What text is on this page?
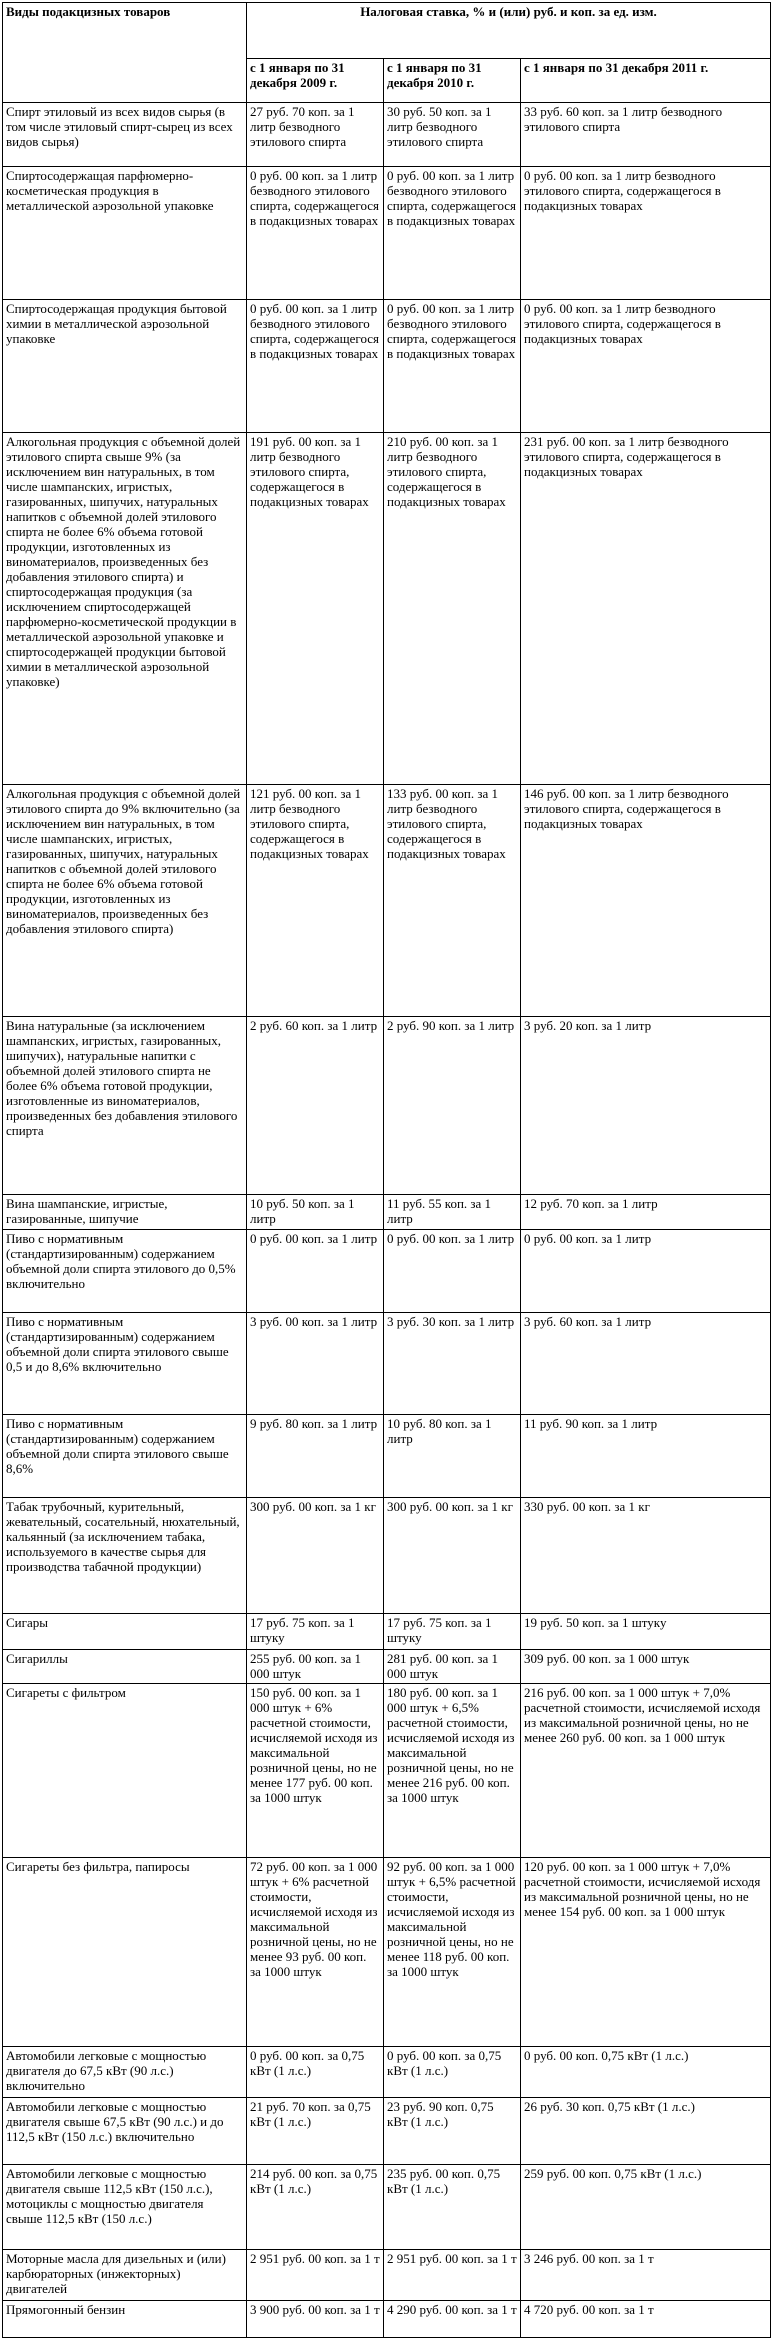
Виды подакцизных товаров	Налоговая ставка, % и (или) руб. и коп. за ед. изм.		
	с 1 января по 31 декабря 2009 г.	с 1 января по 31 декабря 2010 г.	с 1 января по 31 декабря 2011 г.
Спирт этиловый из всех видов сырья (в том числе этиловый спирт-сырец из всех видов сырья)	27 руб. 70 коп. за 1 литр безводного этилового спирта	30 руб. 50 коп. за 1 литр безводного этилового спирта	33 руб. 60 коп. за 1 литр безводного этилового спирта
Спиртосодержащая парфюмерно-косметическая продукция в металлической аэрозольной упаковке	0 руб. 00 коп. за 1 литр безводного этилового спирта, содержащегося в подакцизных товарах	0 руб. 00 коп. за 1 литр безводного этилового спирта, содержащегося в подакцизных товарах	0 руб. 00 коп. за 1 литр безводного этилового спирта, содержащегося в подакцизных товарах
Спиртосодержащая продукция бытовой химии в металлической аэрозольной упаковке	0 руб. 00 коп. за 1 литр безводного этилового спирта, содержащегося в подакцизных товарах	0 руб. 00 коп. за 1 литр безводного этилового спирта, содержащегося в подакцизных товарах	0 руб. 00 коп. за 1 литр безводного этилового спирта, содержащегося в подакцизных товарах
Алкогольная продукция с объемной долей этилового спирта свыше 9% (за исключением вин натуральных, в том числе шампанских, игристых, газированных, шипучих, натуральных напитков с объемной долей этилового спирта не более 6% объема готовой продукции, изготовленных из виноматериалов, произведенных без добавления этилового спирта) и спиртосодержащая продукция (за исключением спиртосодержащей парфюмерно-косметической продукции в металлической аэрозольной упаковке и спиртосодержащей продукции бытовой химии в металлической аэрозольной упаковке)	191 руб. 00 коп. за 1 литр безводного этилового спирта, содержащегося в подакцизных товарах	210 руб. 00 коп. за 1 литр безводного этилового спирта, содержащегося в подакцизных товарах	231 руб. 00 коп. за 1 литр безводного этилового спирта, содержащегося в подакцизных товарах
Алкогольная продукция с объемной долей этилового спирта до 9% включительно (за исключением вин натуральных, в том числе шампанских, игристых, газированных, шипучих, натуральных напитков с объемной долей этилового спирта не более 6% объема готовой продукции, изготовленных из виноматериалов, произведенных без добавления этилового спирта)	121 руб. 00 коп. за 1 литр безводного этилового спирта, содержащегося в подакцизных товарах	133 руб. 00 коп. за 1 литр безводного этилового спирта, содержащегося в подакцизных товарах	146 руб. 00 коп. за 1 литр безводного этилового спирта, содержащегося в подакцизных товарах
Вина натуральные (за исключением шампанских, игристых, газированных, шипучих), натуральные напитки с объемной долей этилового спирта не более 6% объема готовой продукции, изготовленные из виноматериалов, произведенных без добавления этилового спирта	2 руб. 60 коп. за 1 литр	2 руб. 90 коп. за 1 литр	3 руб. 20 коп. за 1 литр
Вина шампанские, игристые, газированные, шипучие	10 руб. 50 коп. за 1 литр	11 руб. 55 коп. за 1 литр	12 руб. 70 коп. за 1 литр
Пиво с нормативным (стандартизированным) содержанием объемной доли спирта этилового до 0,5% включительно	0 руб. 00 коп. за 1 литр	0 руб. 00 коп. за 1 литр	0 руб. 00 коп. за 1 литр
Пиво с нормативным (стандартизированным) содержанием объемной доли спирта этилового свыше 0,5 и до 8,6% включительно	3 руб. 00 коп. за 1 литр	3 руб. 30 коп. за 1 литр	3 руб. 60 коп. за 1 литр
Пиво с нормативным (стандартизированным) содержанием объемной доли спирта этилового свыше 8,6%	9 руб. 80 коп. за 1 литр	10 руб. 80 коп. за 1 литр	11 руб. 90 коп. за 1 литр
Табак трубочный, курительный, жевательный, сосательный, нюхательный, кальянный (за исключением табака, используемого в качестве сырья для производства табачной продукции)	300 руб. 00 коп. за 1 кг	300 руб. 00 коп. за 1 кг	330 руб. 00 коп. за 1 кг
Сигары	17 руб. 75 коп. за 1 штуку	17 руб. 75 коп. за 1 штуку	19 руб. 50 коп. за 1 штуку
Сигариллы	255 руб. 00 коп. за 1 000 штук	281 руб. 00 коп. за 1 000 штук	309 руб. 00 коп. за 1 000 штук
Сигареты с фильтром	150 руб. 00 коп. за 1 000 штук + 6% расчетной стоимости, исчисляемой исходя из максимальной розничной цены, но не менее 177 руб. 00 коп. за 1000 штук	180 руб. 00 коп. за 1 000 штук + 6,5% расчетной стоимости, исчисляемой исходя из максимальной розничной цены, но не менее 216 руб. 00 коп. за 1000 штук	216 руб. 00 коп. за 1 000 штук + 7,0% расчетной стоимости, исчисляемой исходя из максимальной розничной цены, но не менее 260 руб. 00 коп. за 1 000 штук
Сигареты без фильтра, папиросы	72 руб. 00 коп. за 1 000 штук + 6% расчетной стоимости, исчисляемой исходя из максимальной розничной цены, но не менее 93 руб. 00 коп. за 1000 штук	92 руб. 00 коп. за 1 000 штук + 6,5% расчетной стоимости, исчисляемой исходя из максимальной розничной цены, но не менее 118 руб. 00 коп. за 1000 штук	120 руб. 00 коп. за 1 000 штук + 7,0% расчетной стоимости, исчисляемой исходя из максимальной розничной цены, но не менее 154 руб. 00 коп. за 1 000 штук
Автомобили легковые с мощностью двигателя до 67,5 кВт (90 л.с.) включительно	0 руб. 00 коп. за 0,75 кВт (1 л.с.)	0 руб. 00 коп. за 0,75 кВт (1 л.с.)	0 руб. 00 коп. 0,75 кВт (1 л.с.)
Автомобили легковые с мощностью двигателя свыше 67,5 кВт (90 л.с.) и до 112,5 кВт (150 л.с.) включительно	21 руб. 70 коп. за 0,75 кВт (1 л.с.)	23 руб. 90 коп. 0,75 кВт (1 л.с.)	26 руб. 30 коп. 0,75 кВт (1 л.с.)
Автомобили легковые с мощностью двигателя свыше 112,5 кВт (150 л.с.), мотоциклы с мощностью двигателя свыше 112,5 кВт (150 л.с.)	214 руб. 00 коп. за 0,75 кВт (1 л.с.)	235 руб. 00 коп. 0,75 кВт (1 л.с.)	259 руб. 00 коп. 0,75 кВт (1 л.с.)
Моторные масла для дизельных и (или) карбюраторных (инжекторных) двигателей	2 951 руб. 00 коп. за 1 т	2 951 руб. 00 коп. за 1 т	3 246 руб. 00 коп. за 1 т
Прямогонный бензин	3 900 руб. 00 коп. за 1 т	4 290 руб. 00 коп. за 1 т	4 720 руб. 00 коп. за 1 т
